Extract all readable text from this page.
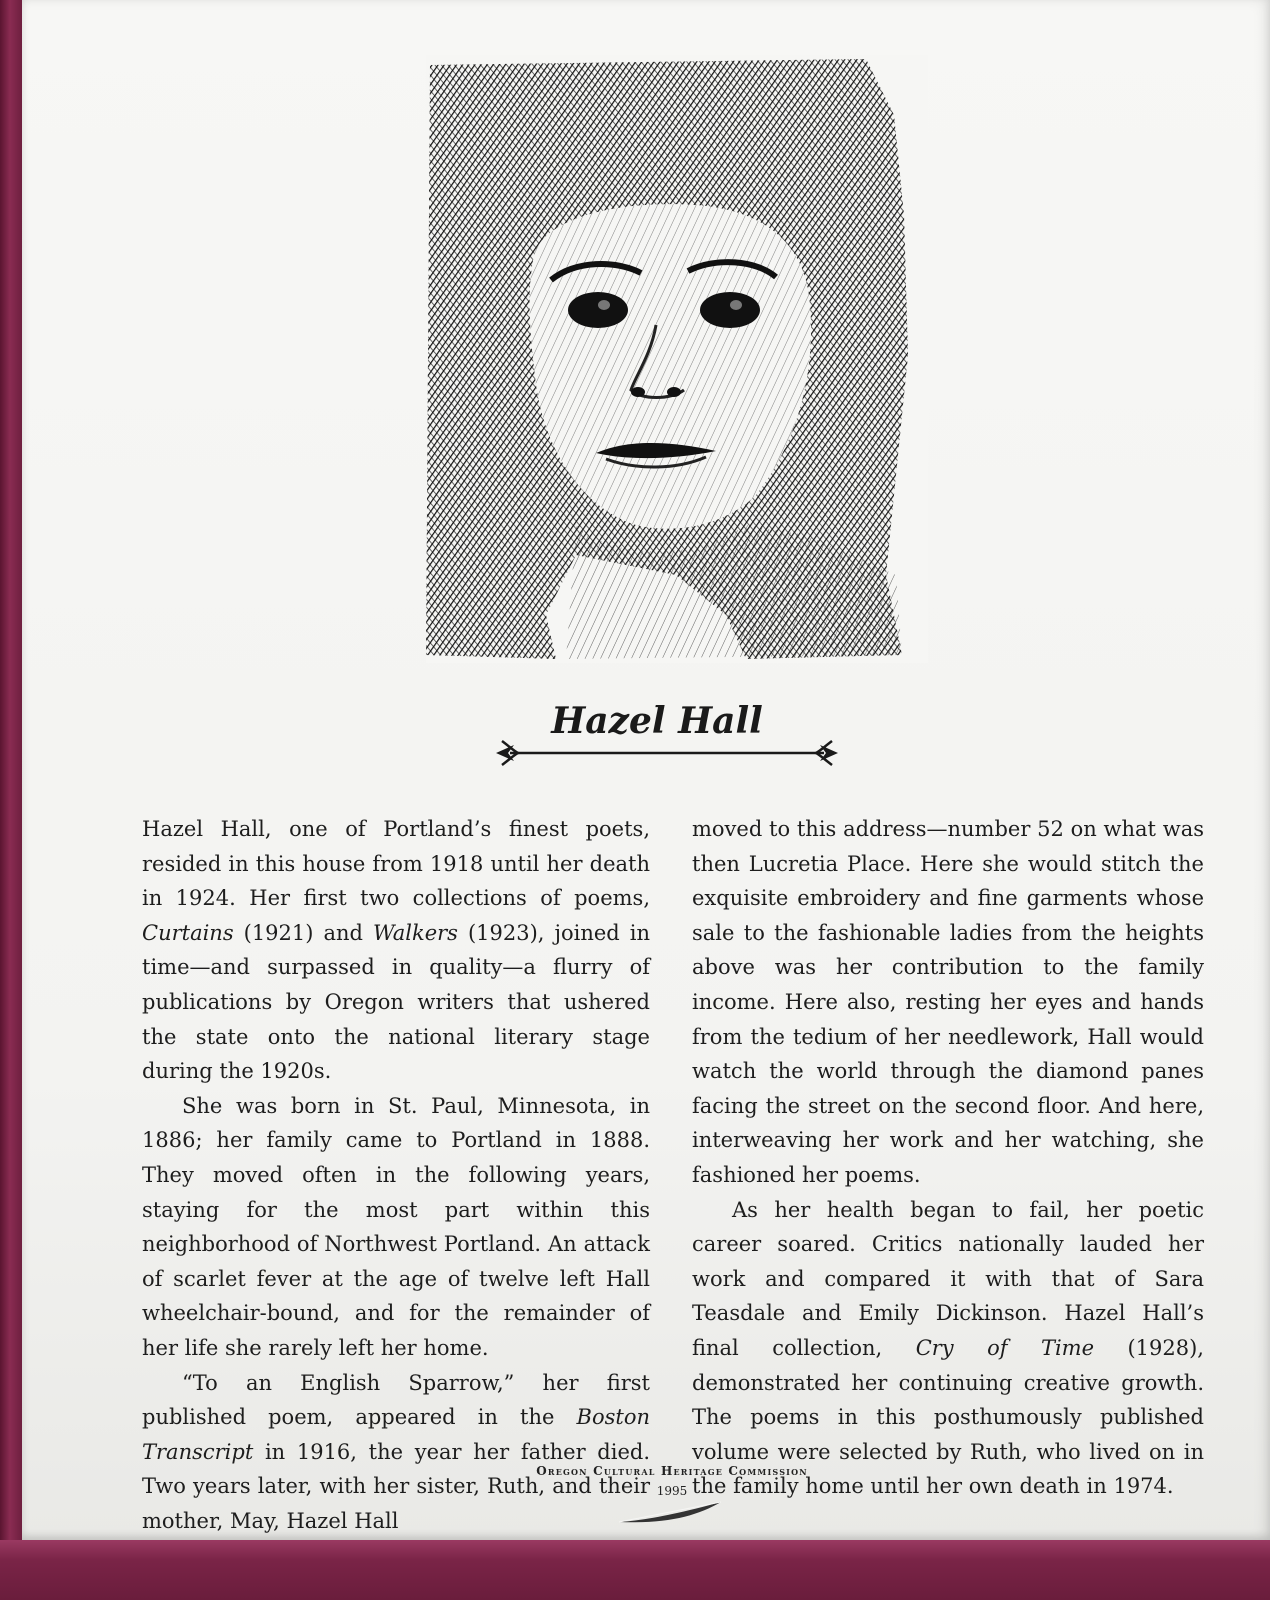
Hazel Hall

Hazel Hall, one of Portland’s finest poets, resided in this house from 1918 until her death in 1924. Her first two collections of poems, Curtains (1921) and Walkers (1923), joined in time—and surpassed in quality—a flurry of publications by Oregon writers that ushered the state onto the national literary stage during the 1920s.

She was born in St. Paul, Minnesota, in 1886; her family came to Portland in 1888. They moved often in the following years, staying for the most part within this neighborhood of Northwest Portland. An attack of scarlet fever at the age of twelve left Hall wheelchair-bound, and for the remainder of her life she rarely left her home.

“To an English Sparrow,” her first published poem, appeared in the Boston Transcript in 1916, the year her father died. Two years later, with her sister, Ruth, and their mother, May, Hazel Hall

moved to this address—number 52 on what was then Lucretia Place. Here she would stitch the exquisite embroidery and fine garments whose sale to the fashionable ladies from the heights above was her contribution to the family income. Here also, resting her eyes and hands from the tedium of her needlework, Hall would watch the world through the diamond panes facing the street on the second floor. And here, interweaving her work and her watching, she fashioned her poems.

As her health began to fail, her poetic career soared. Critics nationally lauded her work and compared it with that of Sara Teasdale and Emily Dickinson. Hazel Hall’s final collection, Cry of Time (1928), demonstrated her continuing creative growth. The poems in this posthumously published volume were selected by Ruth, who lived on in the family home until her own death in 1974.

Oregon Cultural Heritage Commission
1995
